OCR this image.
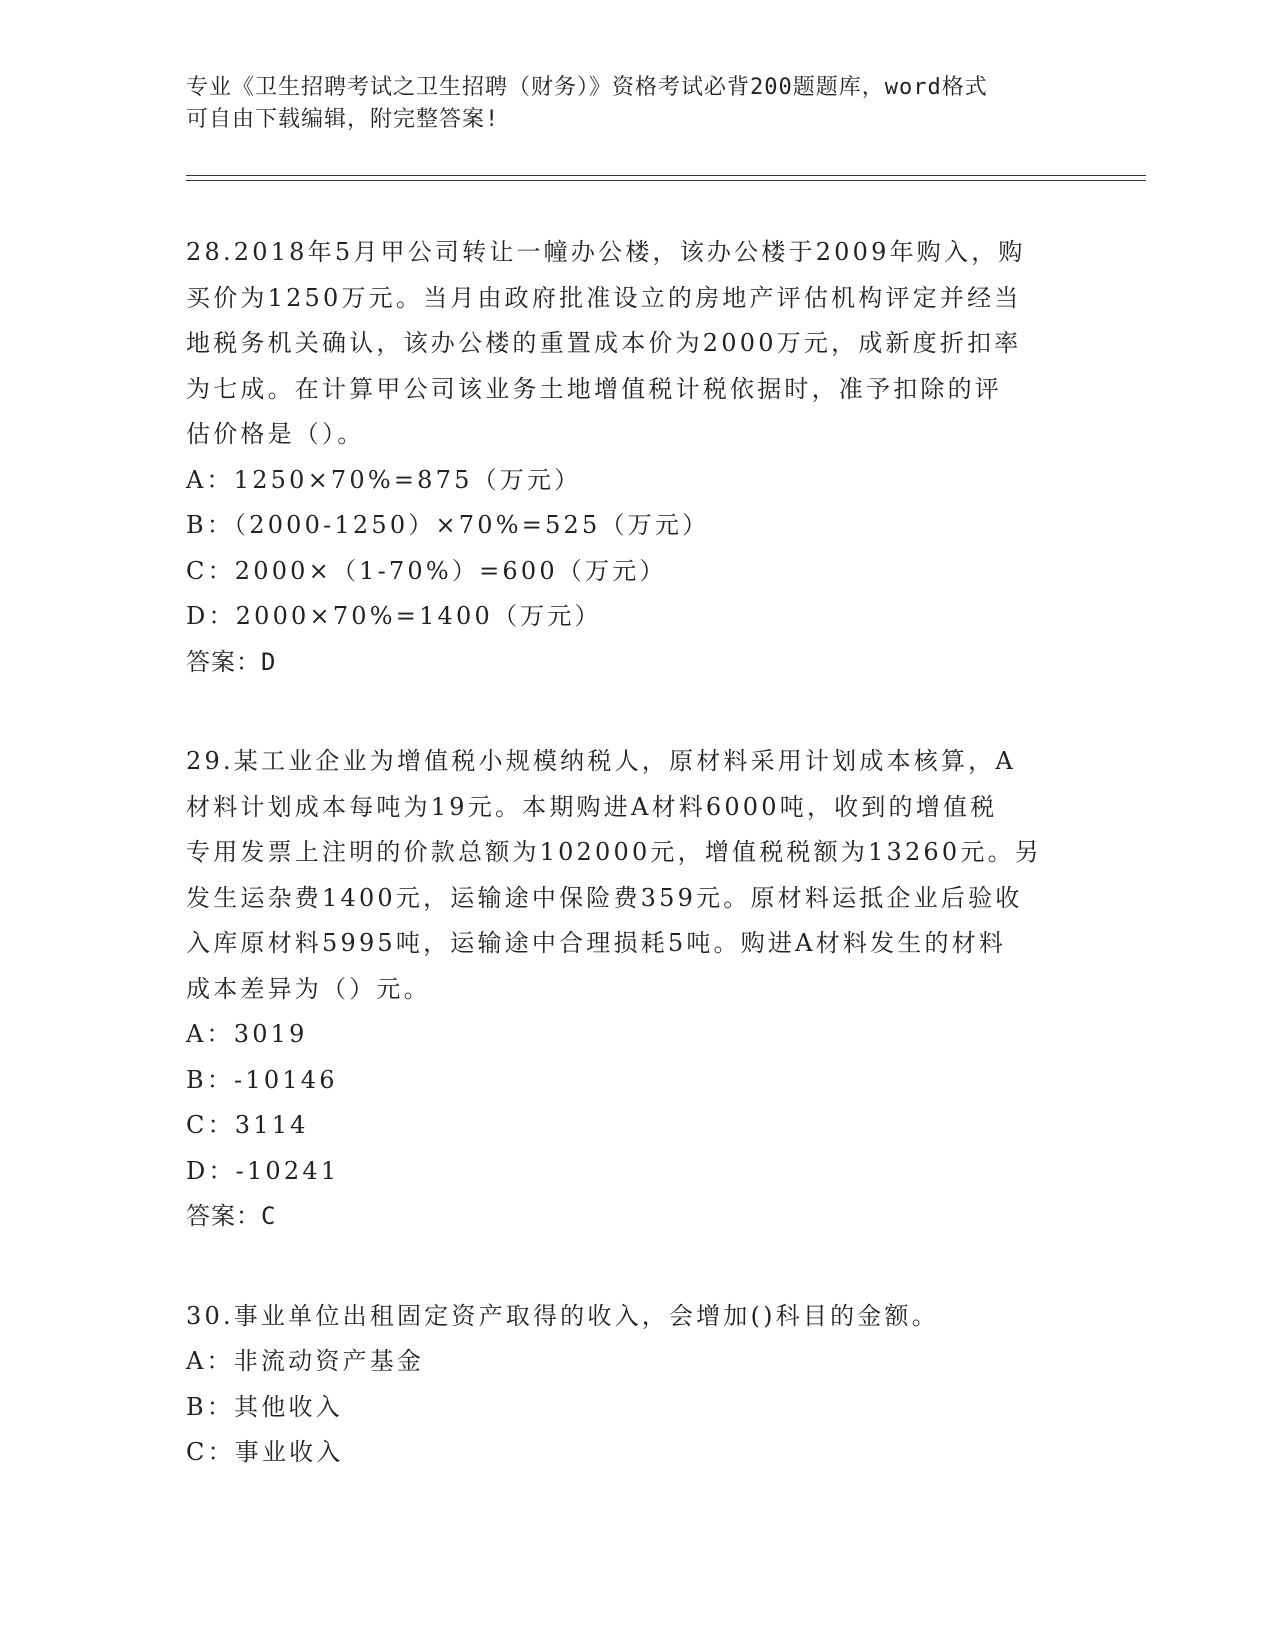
专业《卫生招聘考试之卫生招聘（财务）》资格考试必背200题题库，word格式
可自由下载编辑，附完整答案!
28.2018年5月甲公司转让一幢办公楼，该办公楼于2009年购入，购
买价为1250万元。当月由政府批准设立的房地产评估机构评定并经当
地税务机关确认，该办公楼的重置成本价为2000万元，成新度折扣率
为七成。在计算甲公司该业务土地增值税计税依据时，准予扣除的评
估价格是（）。
A：1250×70%=875（万元）
B：（2000-1250）×70%=525（万元）
C：2000×（1-70%）=600（万元）
D：2000×70%=1400（万元）
答案：D
29.某工业企业为增值税小规模纳税人，原材料采用计划成本核算，A
材料计划成本每吨为19元。本期购进A材料6000吨，收到的增值税
专用发票上注明的价款总额为102000元，增值税税额为13260元。另
发生运杂费1400元，运输途中保险费359元。原材料运抵企业后验收
入库原材料5995吨，运输途中合理损耗5吨。购进A材料发生的材料
成本差异为（）元。
A：3019
B：-10146
C：3114
D：-10241
答案：C
30.事业单位出租固定资产取得的收入，会增加()科目的金额。
A：非流动资产基金
B：其他收入
C：事业收入
